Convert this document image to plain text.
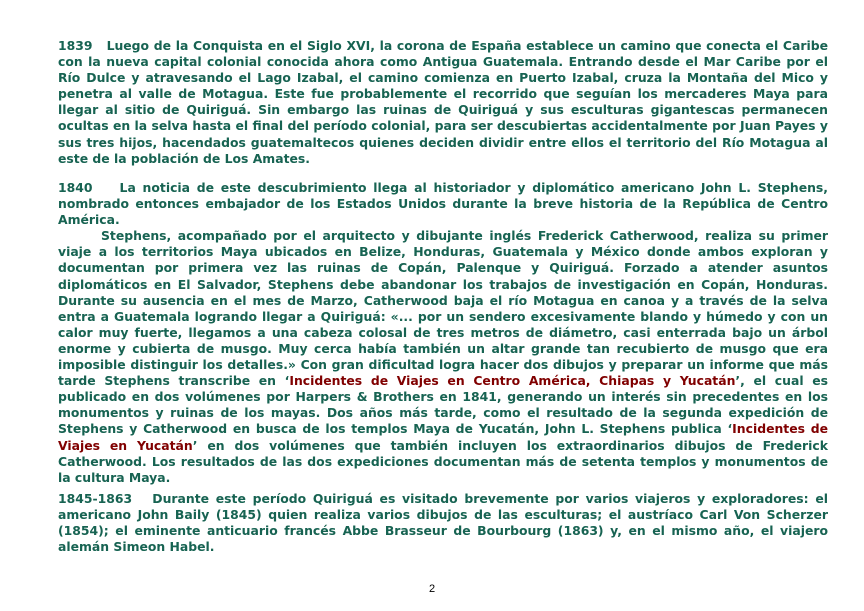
1839 Luego de la Conquista en el Siglo XVI, la corona de España establece un camino que conecta el Caribe con la nueva capital colonial conocida ahora como Antigua Guatemala. Entrando desde el Mar Caribe por el Río Dulce y atravesando el Lago Izabal, el camino comienza en Puerto Izabal, cruza la Montaña del Mico y penetra al valle de Motagua. Este fue probablemente el recorrido que seguían los mercaderes Maya para llegar al sitio de Quiriguá. Sin embargo las ruinas de Quiriguá y sus esculturas gigantescas permanecen ocultas en la selva hasta el final del período colonial, para ser descubiertas accidentalmente por Juan Payes y sus tres hijos, hacendados guatemaltecos quienes deciden dividir entre ellos el territorio del Río Motagua al este de la población de Los Amates.
1840 La noticia de este descubrimiento llega al historiador y diplomático americano John L. Stephens, nombrado entonces embajador de los Estados Unidos durante la breve historia de la República de Centro América.
Stephens, acompañado por el arquitecto y dibujante inglés Frederick Catherwood, realiza su primer viaje a los territorios Maya ubicados en Belize, Honduras, Guatemala y México donde ambos exploran y documentan por primera vez las ruinas de Copán, Palenque y Quiriguá. Forzado a atender asuntos diplomáticos en El Salvador, Stephens debe abandonar los trabajos de investigación en Copán, Honduras. Durante su ausencia en el mes de Marzo, Catherwood baja el río Motagua en canoa y a través de la selva entra a Guatemala logrando llegar a Quiriguá: «... por un sendero excesivamente blando y húmedo y con un calor muy fuerte, llegamos a una cabeza colosal de tres metros de diámetro, casi enterrada bajo un árbol enorme y cubierta de musgo. Muy cerca había también un altar grande tan recubierto de musgo que era imposible distinguir los detalles.» Con gran dificultad logra hacer dos dibujos y preparar un informe que más tarde Stephens transcribe en ‘Incidentes de Viajes en Centro América, Chiapas y Yucatán’, el cual es publicado en dos volúmenes por Harpers & Brothers en 1841, generando un interés sin precedentes en los monumentos y ruinas de los mayas. Dos años más tarde, como el resultado de la segunda expedición de Stephens y Catherwood en busca de los templos Maya de Yucatán, John L. Stephens publica ‘Incidentes de Viajes en Yucatán’ en dos volúmenes que también incluyen los extraordinarios dibujos de Frederick Catherwood. Los resultados de las dos expediciones documentan más de setenta templos y monumentos de la cultura Maya.
1845-1863 Durante este período Quiriguá es visitado brevemente por varios viajeros y exploradores: el americano John Baily (1845) quien realiza varios dibujos de las esculturas; el austríaco Carl Von Scherzer (1854); el eminente anticuario francés Abbe Brasseur de Bourbourg (1863) y, en el mismo año, el viajero alemán Simeon Habel.
2
